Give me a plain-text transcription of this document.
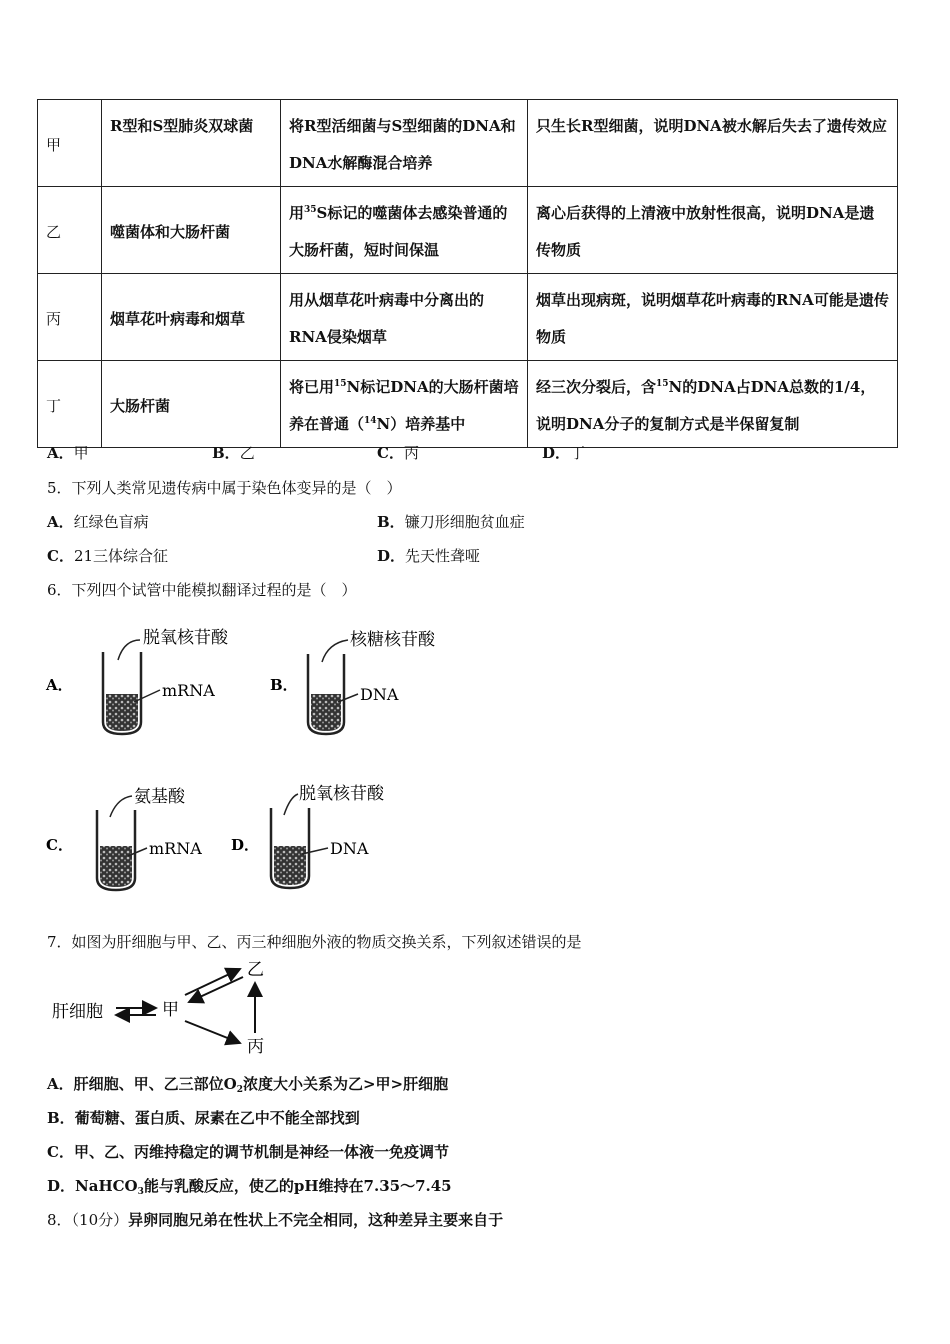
甲	R型和S型肺炎双球菌	将R型活细菌与S型细菌的DNA和DNA水解酶混合培养	只生长R型细菌，说明DNA被水解后失去了遗传效应
乙	噬菌体和大肠杆菌	用$^{35}$S标记的噬菌体去感染普通的大肠杆菌，短时间保温	离心后获得的上清液中放射性很高，说明DNA是遗传物质
丙	烟草花叶病毒和烟草	用从烟草花叶病毒中分离出的RNA侵染烟草	烟草出现病斑，说明烟草花叶病毒的RNA可能是遗传物质
丁	大肠杆菌	将已用$^{15}$N标记DNA的大肠杆菌培养在普通（$^{14}$N）培养基中	经三次分裂后，含$^{15}$N的DNA占DNA总数的1/4，说明DNA分子的复制方式是半保留复制
A．甲	B．乙	C．丙	D．丁
5．下列人类常见遗传病中属于染色体变异的是（　）
A．红绿色盲病	B．镰刀形细胞贫血症
C．21三体综合征	D．先天性聋哑
6．下列四个试管中能模拟翻译过程的是（　）
A．
脱氧核苷酸
mRNA	B．
核糖核苷酸
DNA
C．
氨基酸
mRNA D．
脱氧核苷酸
DNA
7．如图为肝细胞与甲、乙、丙三种细胞外液的物质交换关系，下列叙述错误的是
肝细胞	甲
乙
丙
A．肝细胞、甲、乙三部位$O_2$浓度大小关系为乙>甲>肝细胞
B．葡萄糖、蛋白质、尿素在乙中不能全部找到
C．甲、乙、丙维持稳定的调节机制是神经一体液一免疫调节
D．NaHCO$_3$能与乳酸反应，使乙的pH维持在7.35～7.45
8．（10分）异卵同胞兄弟在性状上不完全相同，这种差异主要来自于
